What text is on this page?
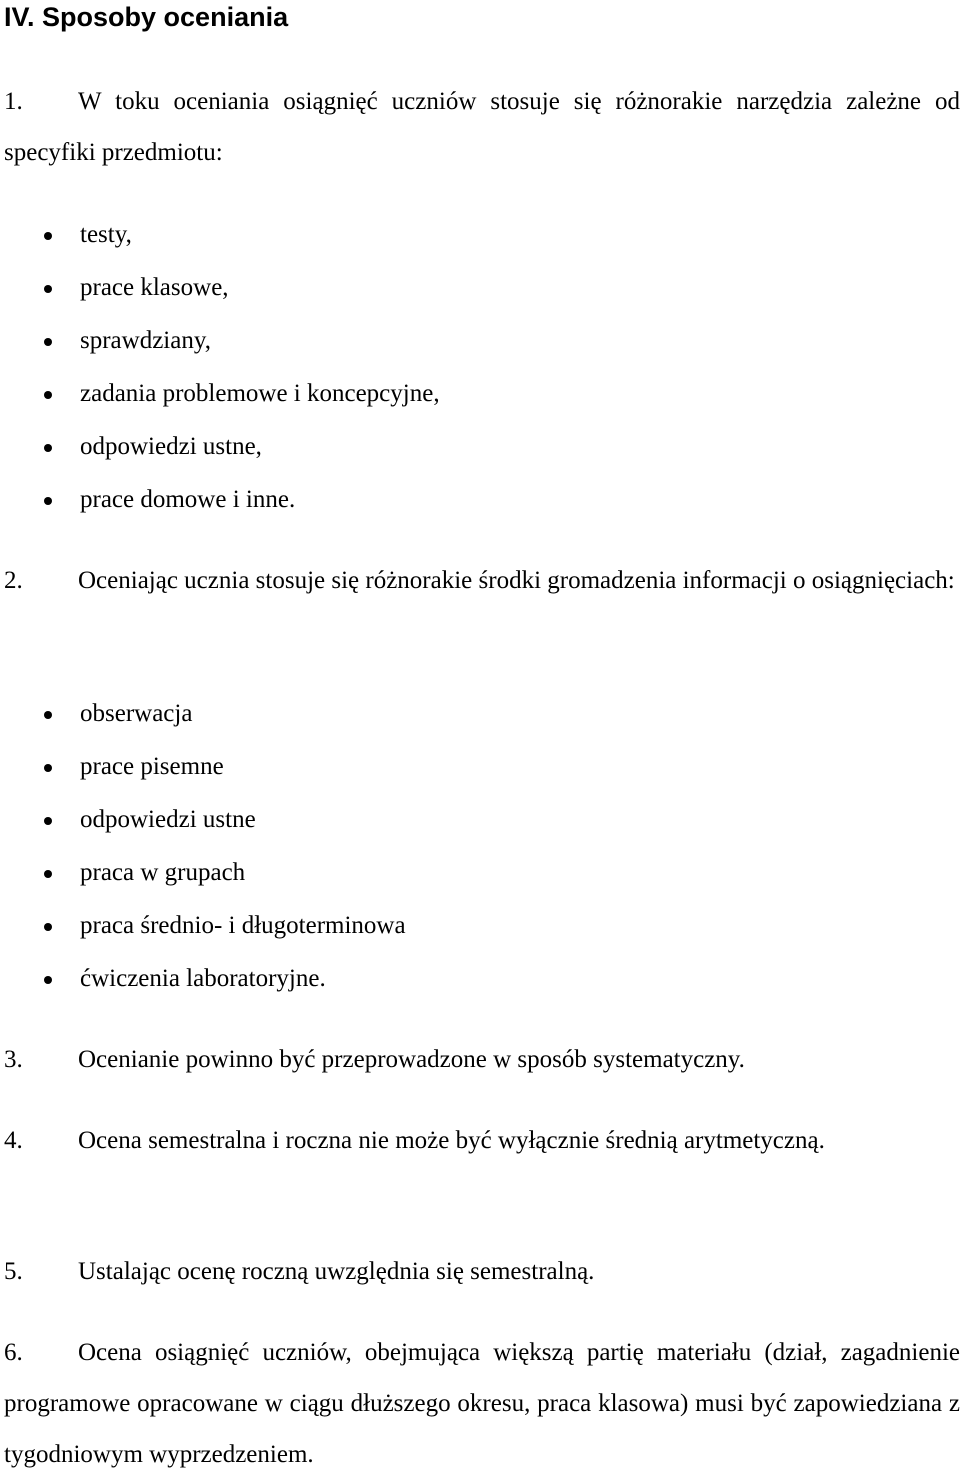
IV. Sposoby oceniania

1. W toku oceniania osiągnięć uczniów stosuje się różnorakie narzędzia zależne od specyfiki przedmiotu:

testy,
prace klasowe,
sprawdziany,
zadania problemowe i koncepcyjne,
odpowiedzi ustne,
prace domowe i inne.

2. Oceniając ucznia stosuje się różnorakie środki gromadzenia informacji o osiągnięciach:

obserwacja
prace pisemne
odpowiedzi ustne
praca w grupach
praca średnio- i długoterminowa
ćwiczenia laboratoryjne.

3. Ocenianie powinno być przeprowadzone w sposób systematyczny.

4. Ocena semestralna i roczna nie może być wyłącznie średnią arytmetyczną.

5. Ustalając ocenę roczną uwzględnia się semestralną.

6. Ocena osiągnięć uczniów, obejmująca większą partię materiału (dział, zagadnienie programowe opracowane w ciągu dłuższego okresu, praca klasowa) musi być zapowiedziana z tygodniowym wyprzedzeniem.
